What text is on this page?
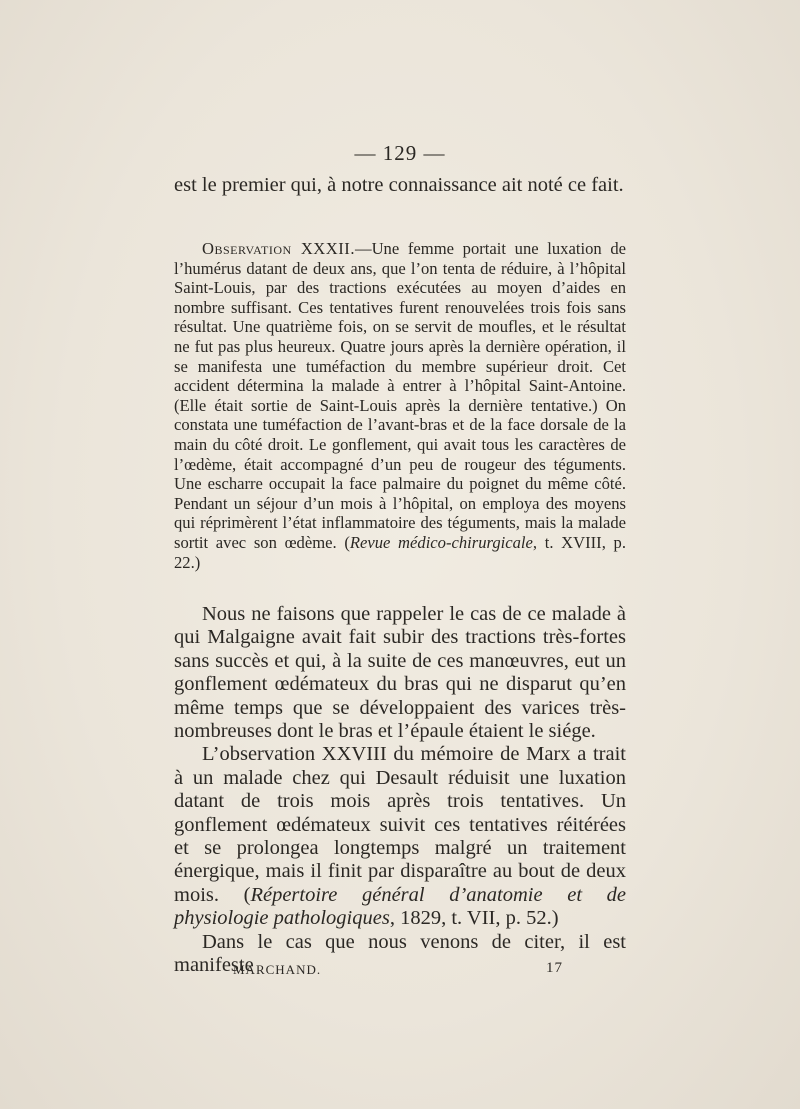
— 129 —

est le premier qui, à notre connaissance ait noté ce fait.

Observation XXXII.—Une femme portait une luxation de l’humérus datant de deux ans, que l’on tenta de réduire, à l’hôpital Saint-Louis, par des tractions exécutées au moyen d’aides en nombre suffisant. Ces tentatives furent renouvelées trois fois sans résultat. Une quatrième fois, on se servit de moufles, et le résultat ne fut pas plus heureux. Quatre jours après la dernière opération, il se manifesta une tuméfaction du membre supérieur droit. Cet accident détermina la malade à entrer à l’hôpital Saint-Antoine. (Elle était sortie de Saint-Louis après la dernière tentative.) On constata une tuméfaction de l’avant-bras et de la face dorsale de la main du côté droit. Le gonflement, qui avait tous les caractères de l’œdème, était accompagné d’un peu de rougeur des téguments. Une escharre occupait la face palmaire du poignet du même côté. Pendant un séjour d’un mois à l’hôpital, on employa des moyens qui réprimèrent l’état inflammatoire des téguments, mais la malade sortit avec son œdème. (Revue médico-chirurgicale, t. XVIII, p. 22.)

Nous ne faisons que rappeler le cas de ce malade à qui Malgaigne avait fait subir des tractions très-fortes sans succès et qui, à la suite de ces manœuvres, eut un gonflement œdémateux du bras qui ne disparut qu’en même temps que se développaient des varices très-nombreuses dont le bras et l’épaule étaient le siége.

L’observation XXVIII du mémoire de Marx a trait à un malade chez qui Desault réduisit une luxation datant de trois mois après trois tentatives. Un gonflement œdémateux suivit ces tentatives réitérées et se prolongea longtemps malgré un traitement énergique, mais il finit par disparaître au bout de deux mois. (Répertoire général d’anatomie et de physiologie pathologiques, 1829, t. VII, p. 52.)

Dans le cas que nous venons de citer, il est manifeste

MARCHAND.	17
